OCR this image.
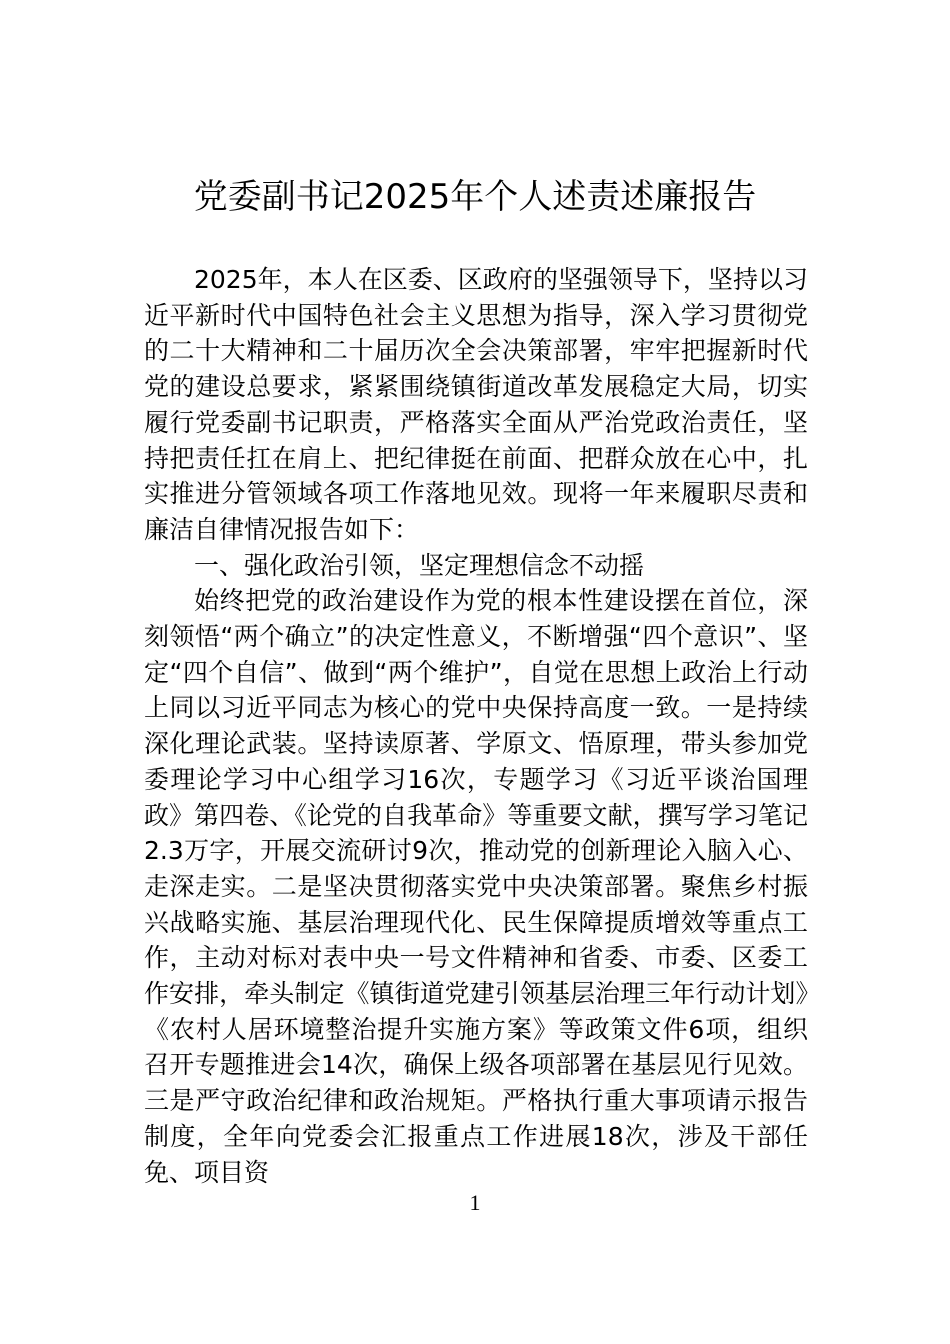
党委副书记2025年个人述责述廉报告

2025年，本人在区委、区政府的坚强领导下，坚持以习近平新时代中国特色社会主义思想为指导，深入学习贯彻党的二十大精神和二十届历次全会决策部署，牢牢把握新时代党的建设总要求，紧紧围绕镇街道改革发展稳定大局，切实履行党委副书记职责，严格落实全面从严治党政治责任，坚持把责任扛在肩上、把纪律挺在前面、把群众放在心中，扎实推进分管领域各项工作落地见效。现将一年来履职尽责和廉洁自律情况报告如下：

一、强化政治引领，坚定理想信念不动摇

始终把党的政治建设作为党的根本性建设摆在首位，深刻领悟“两个确立”的决定性意义，不断增强“四个意识”、坚定“四个自信”、做到“两个维护”，自觉在思想上政治上行动上同以习近平同志为核心的党中央保持高度一致。一是持续深化理论武装。坚持读原著、学原文、悟原理，带头参加党委理论学习中心组学习16次，专题学习《习近平谈治国理政》第四卷、《论党的自我革命》等重要文献，撰写学习笔记2.3万字，开展交流研讨9次，推动党的创新理论入脑入心、走深走实。二是坚决贯彻落实党中央决策部署。聚焦乡村振兴战略实施、基层治理现代化、民生保障提质增效等重点工作，主动对标对表中央一号文件精神和省委、市委、区委工作安排，牵头制定《镇街道党建引领基层治理三年行动计划》《农村人居环境整治提升实施方案》等政策文件6项，组织召开专题推进会14次，确保上级各项部署在基层见行见效。三是严守政治纪律和政治规矩。严格执行重大事项请示报告制度，全年向党委会汇报重点工作进展18次，涉及干部任免、项目资

1
